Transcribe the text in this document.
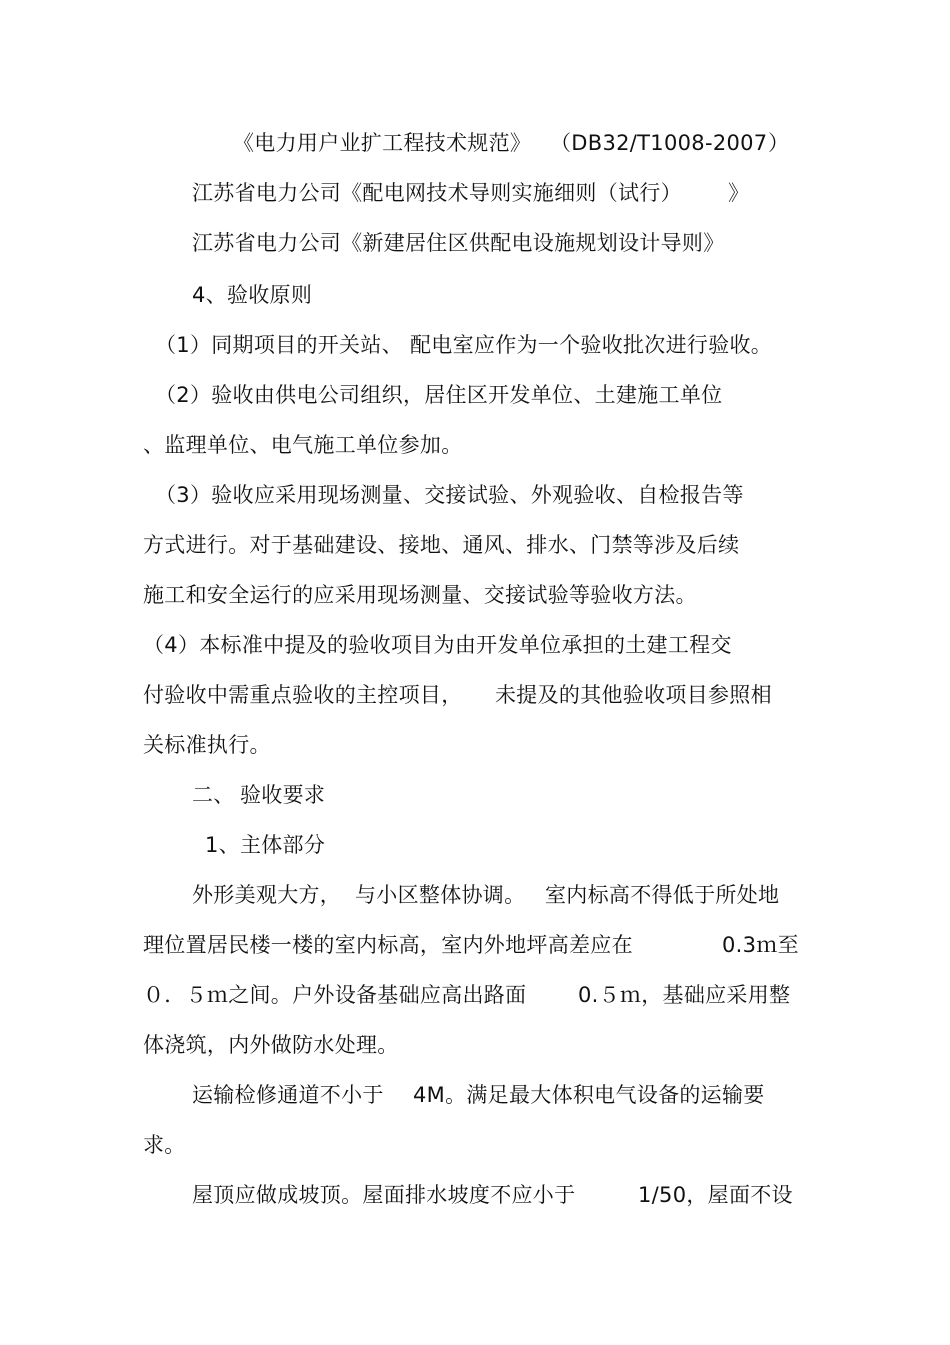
《电力用户业扩工程技术规范》 （DB32/T1008-2007 ）
江苏省电力公司《配电网技术导则实施细则（试行） 》
江苏省电力公司《新建居住区供配电设施规划设计导则》
4、验收原则
（1）同期项目的开关站、 配电室应作为一个验收批次进行验收。
（2）验收由供电公司组织，居住区开发单位、土建施工单位
、监理单位、电气施工单位参加。
（3）验收应采用现场测量、交接试验、外观验收、自检报告等
方式进行。对于基础建设、接地、通风、排水、门禁等涉及后续
施工和安全运行的应采用现场测量、交接试验等验收方法。
（4）本标准中提及的验收项目为由开发单位承担的土建工程交
付验收中需重点验收的主控项目， 未提及的其他验收项目参照相
关标准执行。
二、 验收要求
1、主体部分
外形美观大方， 与小区整体协调。 室内标高不得低于所处地
理位置居民楼一楼的室内标高，室内外地坪高差应在	0.3ｍ至
０．５ｍ之间。户外设备基础应高出路面 0.５ｍ，基础应采用整
体浇筑，内外做防水处理。
运输检修通道不小于 4M。满足最大体积电气设备的运输要
求。
屋顶应做成坡顶。屋面排水坡度不应小于	1/50，屋面不设
